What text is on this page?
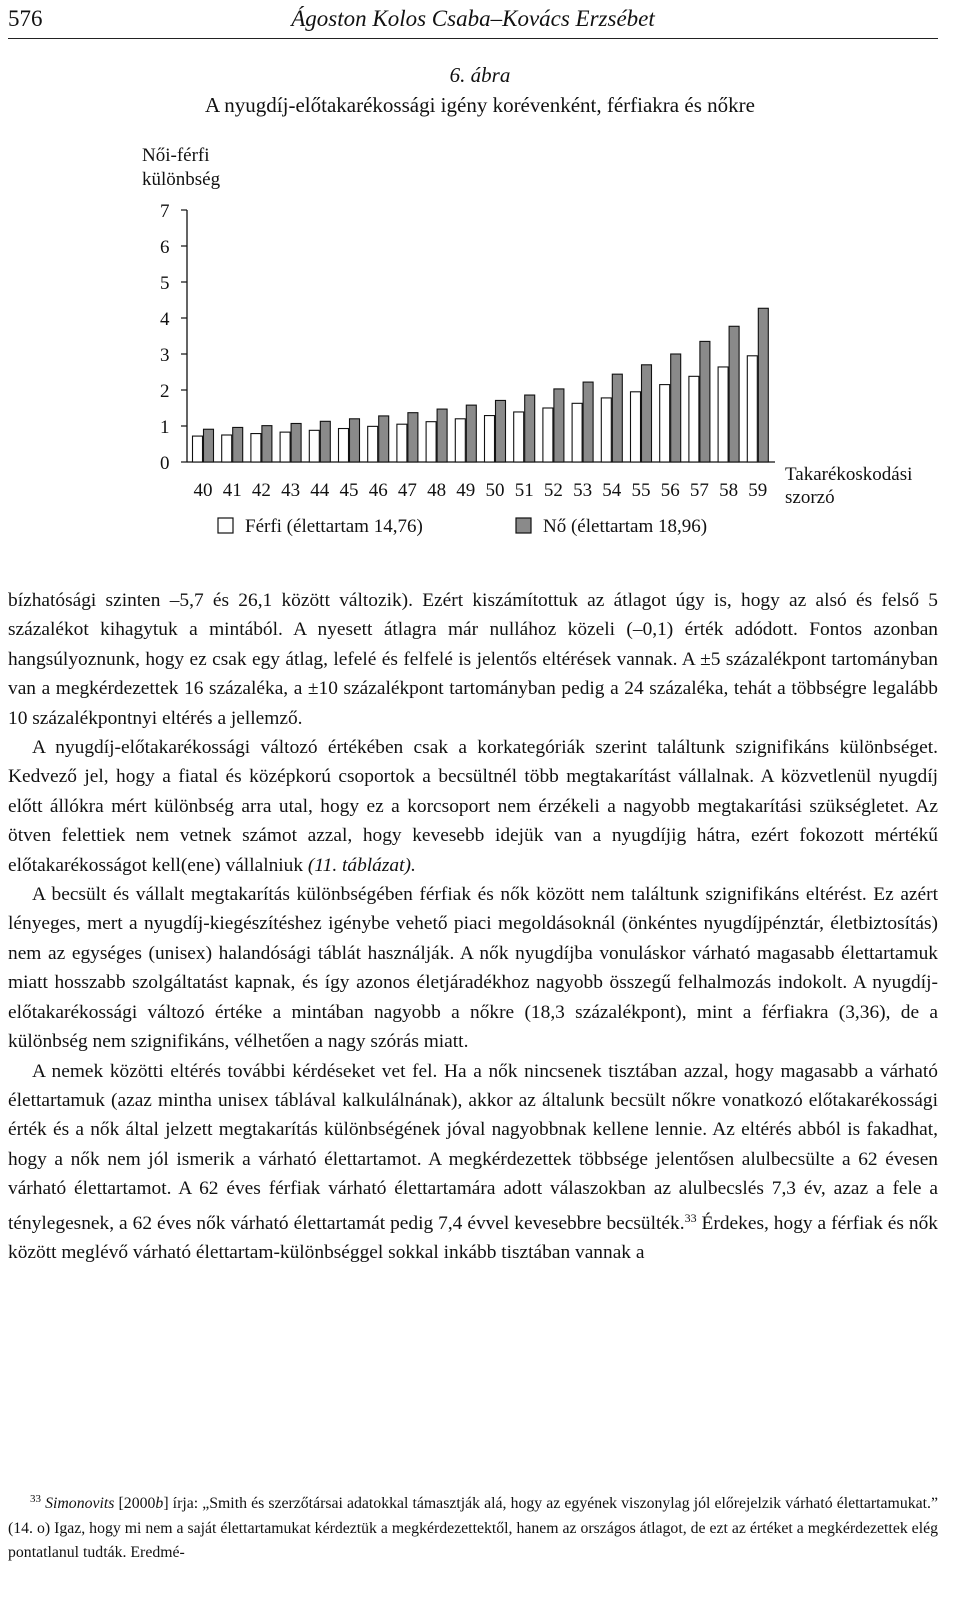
576	Ágoston Kolos Csaba–Kovács Erzsébet
6. ábra
A nyugdíj-előtakarékossági igény korévenként, férfiakra és nőkre
Női-férfi
különbség
Takarékoskodási
szorzó
0
1
2
3
4
5
6
7
40 41 42 43 44 45 46 47 48 49 50 51 52 53 54 55 56 57 58 59
Férfi (élettartam 14,76)	Nő (élettartam 18,96)

bízhatósági szinten –5,7 és 26,1 között változik). Ezért kiszámítottuk az átlagot úgy is, hogy az alsó és felső 5 százalékot kihagytuk a mintából. A nyesett átlagra már nullához közeli (–0,1) érték adódott. Fontos azonban hangsúlyoznunk, hogy ez csak egy átlag, lefelé és felfelé is jelentős eltérések vannak. A ±5 százalékpont tartományban van a megkérdezettek 16 százaléka, a ±10 százalékpont tartományban pedig a 24 százaléka, tehát a többségre legalább 10 százalékpontnyi eltérés a jellemző.

A nyugdíj-előtakarékossági változó értékében csak a korkategóriák szerint találtunk szignifikáns különbséget. Kedvező jel, hogy a fiatal és középkorú csoportok a becsültnél több megtakarítást vállalnak. A közvetlenül nyugdíj előtt állókra mért különbség arra utal, hogy ez a korcsoport nem érzékeli a nagyobb megtakarítási szükségletet. Az ötven felettiek nem vetnek számot azzal, hogy kevesebb idejük van a nyugdíjig hátra, ezért fokozott mértékű előtakarékosságot kell(ene) vállalniuk (11. táblázat).

A becsült és vállalt megtakarítás különbségében férfiak és nők között nem találtunk szignifikáns eltérést. Ez azért lényeges, mert a nyugdíj-kiegészítéshez igénybe vehető piaci megoldásoknál (önkéntes nyugdíjpénztár, életbiztosítás) nem az egységes (unisex) halandósági táblát használják. A nők nyugdíjba vonuláskor várható magasabb élettartamuk miatt hosszabb szolgáltatást kapnak, és így azonos életjáradékhoz nagyobb összegű felhalmozás indokolt. A nyugdíj-előtakarékossági változó értéke a mintában nagyobb a nőkre (18,3 százalékpont), mint a férfiakra (3,36), de a különbség nem szignifikáns, vélhetően a nagy szórás miatt.

A nemek közötti eltérés további kérdéseket vet fel. Ha a nők nincsenek tisztában azzal, hogy magasabb a várható élettartamuk (azaz mintha unisex táblával kalkulálnának), akkor az általunk becsült nőkre vonatkozó előtakarékossági érték és a nők által jelzett megtakarítás különbségének jóval nagyobbnak kellene lennie. Az eltérés abból is fakadhat, hogy a nők nem jól ismerik a várható élettartamot. A megkérdezettek többsége jelentősen alulbecsülte a 62 évesen várható élettartamot. A 62 éves férfiak várható élettartamára adott válaszokban az alulbecslés 7,3 év, azaz a fele a ténylegesnek, a 62 éves nők várható élettartamát pedig 7,4 évvel kevesebbre becsülték.$^{33}$ Érdekes, hogy a férfiak és nők között meglévő várható élettartam-különbséggel sokkal inkább tisztában vannak a

$^{33}$ Simonovits [2000b] írja: „Smith és szerzőtársai adatokkal támasztják alá, hogy az egyének viszonylag jól előrejelzik várható élettartamukat.” (14. o) Igaz, hogy mi nem a saját élettartamukat kérdeztük a megkérdezettektől, hanem az országos átlagot, de ezt az értéket a megkérdezettek elég pontatlanul tudták. Eredmé-
